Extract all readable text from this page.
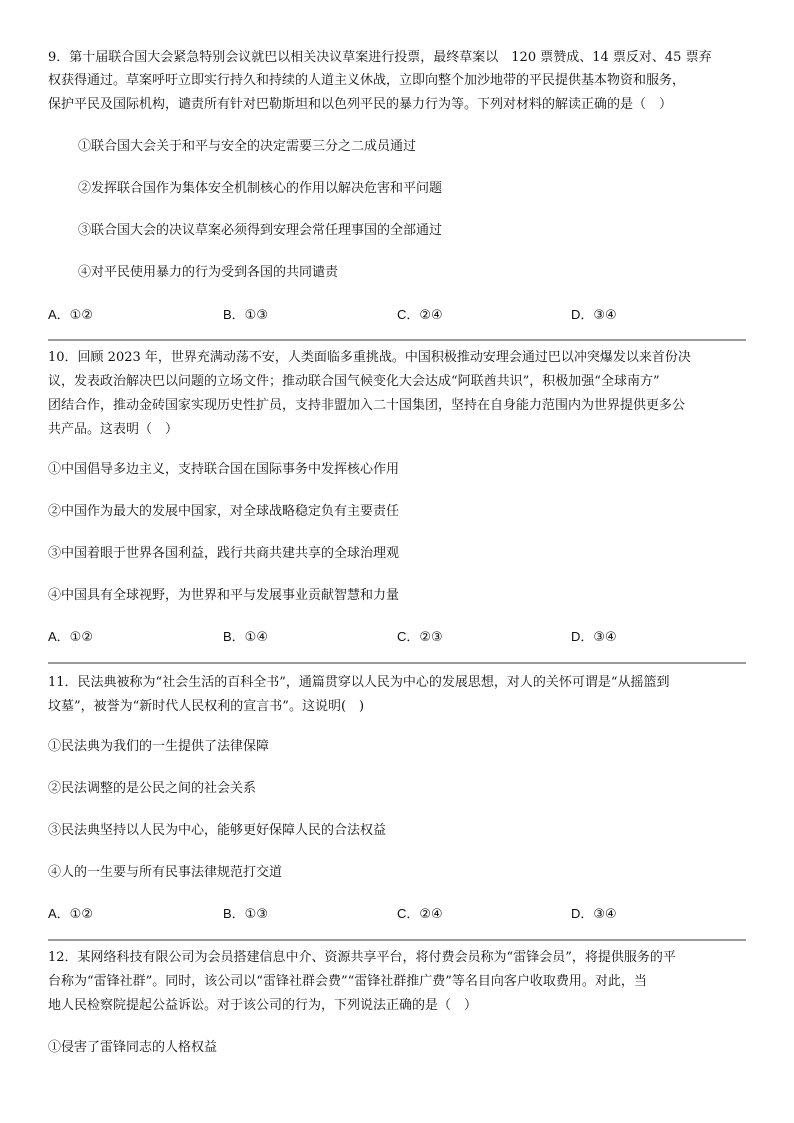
9．第十届联合国大会紧急特别会议就巴以相关决议草案进行投票，最终草案以　120 票赞成、14 票反对、45 票弃
权获得通过。草案呼吁立即实行持久和持续的人道主义休战，立即向整个加沙地带的平民提供基本物资和服务，
保护平民及国际机构，谴责所有针对巴勒斯坦和以色列平民的暴力行为等。下列对材料的解读正确的是（　）
①联合国大会关于和平与安全的决定需要三分之二成员通过
②发挥联合国作为集体安全机制核心的作用以解决危害和平问题
③联合国大会的决议草案必须得到安理会常任理事国的全部通过
④对平民使用暴力的行为受到各国的共同谴责
A．①②	B．①③	C．②④	D．③④
10．回顾 2023 年，世界充满动荡不安，人类面临多重挑战。中国积极推动安理会通过巴以冲突爆发以来首份决
议，发表政治解决巴以问题的立场文件；推动联合国气候变化大会达成“阿联酋共识”，积极加强“全球南方”
团结合作，推动金砖国家实现历史性扩员，支持非盟加入二十国集团，坚持在自身能力范围内为世界提供更多公
共产品。这表明（　）
①中国倡导多边主义，支持联合国在国际事务中发挥核心作用
②中国作为最大的发展中国家，对全球战略稳定负有主要责任
③中国着眼于世界各国利益，践行共商共建共享的全球治理观
④中国具有全球视野，为世界和平与发展事业贡献智慧和力量
A．①②	B．①④	C．②③	D．③④
11．民法典被称为“社会生活的百科全书”，通篇贯穿以人民为中心的发展思想，对人的关怀可谓是“从摇篮到
坟墓”，被誉为“新时代人民权利的宣言书”。这说明(　)
①民法典为我们的一生提供了法律保障
②民法调整的是公民之间的社会关系
③民法典坚持以人民为中心，能够更好保障人民的合法权益
④人的一生要与所有民事法律规范打交道
A．①②	B．①③	C．②④	D．③④
12．某网络科技有限公司为会员搭建信息中介、资源共享平台，将付费会员称为“雷锋会员”，将提供服务的平
台称为“雷锋社群”。同时，该公司以“雷锋社群会费”“雷锋社群推广费”等名目向客户收取费用。对此，当
地人民检察院提起公益诉讼。对于该公司的行为，下列说法正确的是（　）
①侵害了雷锋同志的人格权益
